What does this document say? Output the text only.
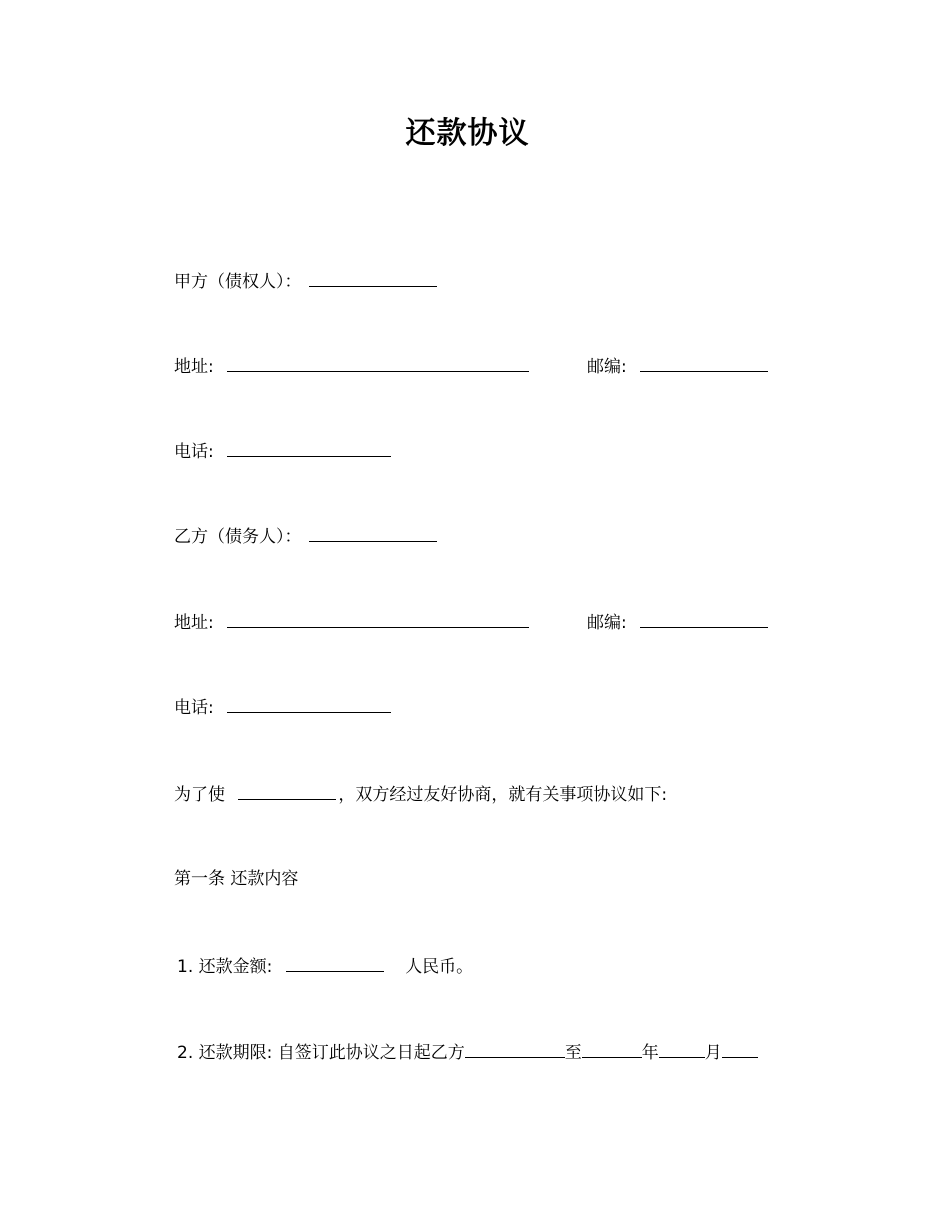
还款协议
甲方（债权人）：
地址:	邮编:
电话:
乙方（债务人）：
地址:	邮编:
电话:
为了使	，双方经过友好协商，就有关事项协议如下:
第一条 还款内容
1. 还款金额:	人民币。
2. 还款期限: 自签订此协议之日起乙方	至	年	月
